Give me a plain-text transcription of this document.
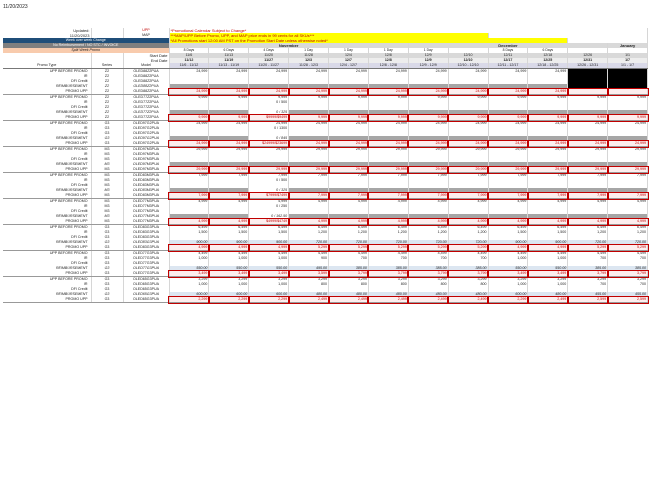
11/20/2023
Updated:		UPP	*Promotional Calendar Subject to Change*											
11/20/2023		MAP	***MAP/UPP Before Promo, UPP, and MAP price ends in 99 cents for all SKUs***											
Week over week Change			*All Promotions start 12:00 AM PST on the Promotion Start Date unless otherwise noted*											
No Reimbursement / NO STC / INVOICE			November						December					January
Split Week Promo			8 Days	6 Days	4 Days	1 Day	1 Day	1 Day	1 Day		8 Days	6 Days		
		Start Date	11/6	11/13	11/20	11/28	12/4	12/8	12/9	12/10	12/11	12/18	12/26	1/1
		End Date	11/12	11/19	11/27	12/3	12/7	12/8	12/9	12/10	12/17	12/25	12/31	1/7
Promo Type	Series	Model	11/6 - 11/12	11/13 - 11/19	11/20 - 11/27	11/28 - 12/3	12/4 - 12/7	12/8 - 12/8	12/9 - 12/9	12/10 - 12/10	12/11 - 12/17	12/18 - 12/25	12/26 - 12/31	1/1 - 1/7
UPP BEFORE PROMO	Z2	OLED88Z2PUA	24,999	24,999	24,999	24,999	24,999	24,999	24,999	24,999	24,999	24,999		
IR	Z2	OLED88Z2PUA												
DFI Credit	Z2	OLED88Z2PUA												
REIMBURSEMENT	Z2	OLED88Z2PUA												
PROMO UPP	Z2	OLED88Z2PUA	24,999	24,999	24,999	24,999	24,999	24,999	24,999	24,999	24,999	24,999		
UPP BEFORE PROMO	Z2	OLED77Z2PUA	9,999	9,999	9,999	9,999	9,999	9,999	9,999	9,999	9,999	9,999	9,999	9,999
IR	Z2	OLED77Z2PUA			0 / 500									
DFI Credit	Z2	OLED77Z2PUA												
REIMBURSEMENT	Z2	OLED77Z2PUA			0 / 325									
PROMO UPP	Z2	OLED77Z2PUA	9,999	9,999	$9999/$9499	9,999	9,999	9,999	9,999	9,999	9,999	9,999	9,999	9,999
UPP BEFORE PROMO	G3	OLED97G2PUA	24,999	24,999	24,999	24,999	24,999	24,999	24,999	24,999	24,999	24,999	24,999	24,999
IR	G3	OLED97G2PUA			0 / 1300									
DFI Credit	G3	OLED97G2PUA												
REIMBURSEMENT	G3	OLED97G2PUA			0 / 845									
PROMO UPP	G3	OLED97G2PUA	24,999	24,999	$24999/$23699	24,999	24,999	24,999	24,999	24,999	24,999	24,999	24,999	24,999
UPP BEFORE PROMO	M3	OLED97M3PUA	29,999	29,999	29,999	29,999	29,999	29,999	29,999	29,999	29,999	29,999	29,999	29,999
IR	M3	OLED97M3PUA												
DFI Credit	M3	OLED97M3PUA												
REIMBURSEMENT	M3	OLED97M3PUA												
PROMO UPP	M3	OLED97M3PUA	29,999	29,999	29,999	29,999	29,999	29,999	29,999	29,999	29,999	29,999	29,999	29,999
UPP BEFORE PROMO	M3	OLED83M3PUA	7,999	7,999	7,999	7,999	7,999	7,999	7,999	7,999	7,999	7,999	7,999	7,999
IR	M3	OLED83M3PUA			0 / 500									
DFI Credit	M3	OLED83M3PUA												
REIMBURSEMENT	M3	OLED83M3PUA			0 / 325									
PROMO UPP	M3	OLED83M3PUA	7,999	7,999	$7999/$7499	7,999	7,999	7,999	7,999	7,999	7,999	7,999	7,999	7,999
UPP BEFORE PROMO	M3	OLED77M3PUA	4,999	4,999	4,999	4,999	4,999	4,999	4,999	4,999	4,999	4,999	4,999	4,999
IR	M3	OLED77M3PUA			0 / 250									
DFI Credit	M3	OLED77M3PUA												
REIMBURSEMENT	M3	OLED77M3PUA			0 / 162.50									
PROMO UPP	M3	OLED77M3PUA	4,999	4,999	$4999/$4749	4,999	4,999	4,999	4,999	4,999	4,999	4,999	4,999	4,999
UPP BEFORE PROMO	G3	OLED83G3PUA	6,499	6,499	6,499	6,499	6,499	6,499	6,499	6,499	6,499	6,499	6,499	6,499
IR	G3	OLED83G3PUA	1,500	1,500	1,500	1,200	1,200	1,200	1,200	1,200	1,500	1,500	1,200	1,200
DFI Credit	G3	OLED83G3PUA												
REIMBURSEMENT	G3	OLED83G3PUA	900.00	900.00	900.00	720.00	720.00	720.00	720.00	720.00	900.00	900.00	720.00	720.00
PROMO UPP	G3	OLED83G3PUA	4,999	4,999	4,999	5,299	5,299	5,299	5,299	5,299	4,999	4,999	5,299	5,299
UPP BEFORE PROMO	G3	OLED77G3PUA	4,499	4,499	4,499	4,499	4,499	4,499	4,499	4,499	4,499	4,499	4,499	4,499
IR	G3	OLED77G3PUA	1,000	1,000	1,000	900	700	700	700	700	1,000	1,000	700	700
DFI Credit	G3	OLED77G3PUA												
REIMBURSEMENT	G3	OLED77G3PUA	550.00	550.00	550.00	495.00	385.00	385.00	385.00	385.00	550.00	550.00	385.00	385.00
PROMO UPP	G3	OLED77G3PUA	3,499	3,499	3,499	3,599	3,799	3,799	3,799	3,799	3,499	3,499	3,799	3,799
UPP BEFORE PROMO	G3	OLED65G3PUA	3,299	3,299	3,299	3,299	3,299	3,299	3,299	3,299	3,299	3,299	3,299	3,299
IR	G3	OLED65G3PUA	1,000	1,000	1,000	800	800	800	800	800	1,000	1,000	700	700
DFI Credit	G3	OLED65G3PUA												
REIMBURSEMENT	G3	OLED65G3PUA	600.00	600.00	600.00	480.00	480.00	480.00	480.00	480.00	600.00	480.00	455.00	455.00
PROMO UPP	G3	OLED65G3PUA	2,299	2,299	2,299	2,499	2,499	2,499	2,499	2,499	2,299	2,499	2,599	2,599
